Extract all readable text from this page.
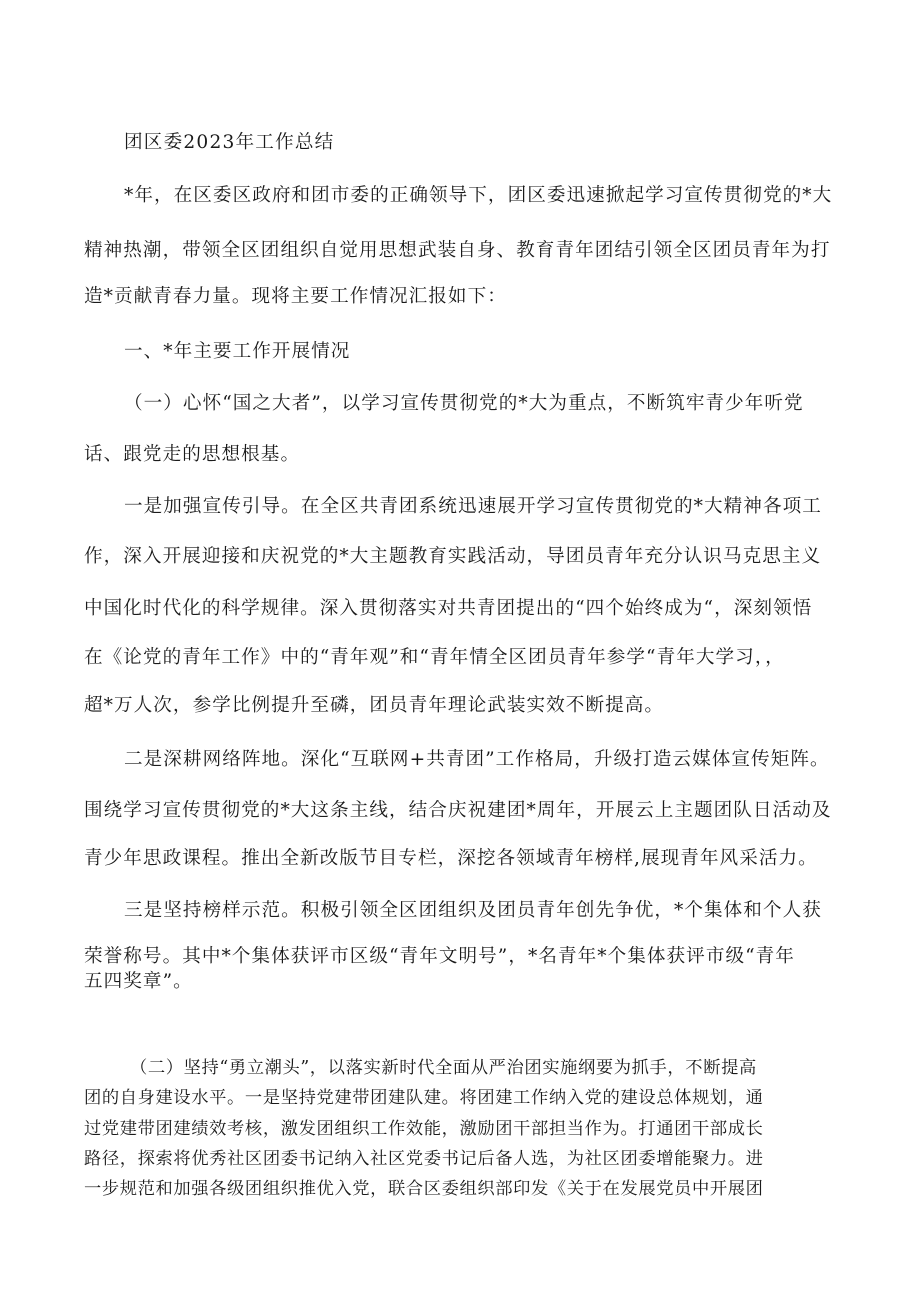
团区委2023年工作总结
*年，在区委区政府和团市委的正确领导下，团区委迅速掀起学习宣传贯彻党的*大
精神热潮，带领全区团组织自觉用思想武装自身、教育青年团结引领全区团员青年为打
造*贡献青春力量。现将主要工作情况汇报如下：
一、*年主要工作开展情况
（一）心怀“国之大者”，以学习宣传贯彻党的*大为重点，不断筑牢青少年听党
话、跟党走的思想根基。
一是加强宣传引导。在全区共青团系统迅速展开学习宣传贯彻党的*大精神各项工
作，深入开展迎接和庆祝党的*大主题教育实践活动，导团员青年充分认识马克思主义
中国化时代化的科学规律。深入贯彻落实对共青团提出的“四个始终成为“，深刻领悟
在《论党的青年工作》中的“青年观”和“青年情全区团员青年参学“青年大学习，，
超*万人次，参学比例提升至磷，团员青年理论武装实效不断提高。
二是深耕网络阵地。深化“互联网+共青团”工作格局，升级打造云媒体宣传矩阵。
围绕学习宣传贯彻党的*大这条主线，结合庆祝建团*周年，开展云上主题团队日活动及
青少年思政课程。推出全新改版节目专栏，深挖各领域青年榜样,展现青年风采活力。
三是坚持榜样示范。积极引领全区团组织及团员青年创先争优，*个集体和个人获
荣誉称号。其中*个集体获评市区级“青年文明号”，*名青年*个集体获评市级“青年
五四奖章”。
（二）坚持“勇立潮头”，以落实新时代全面从严治团实施纲要为抓手，不断提高
团的自身建设水平。一是坚持党建带团建队建。将团建工作纳入党的建设总体规划，通
过党建带团建绩效考核，激发团组织工作效能，激励团干部担当作为。打通团干部成长
路径，探索将优秀社区团委书记纳入社区党委书记后备人选，为社区团委增能聚力。进
一步规范和加强各级团组织推优入党，联合区委组织部印发《关于在发展党员中开展团
